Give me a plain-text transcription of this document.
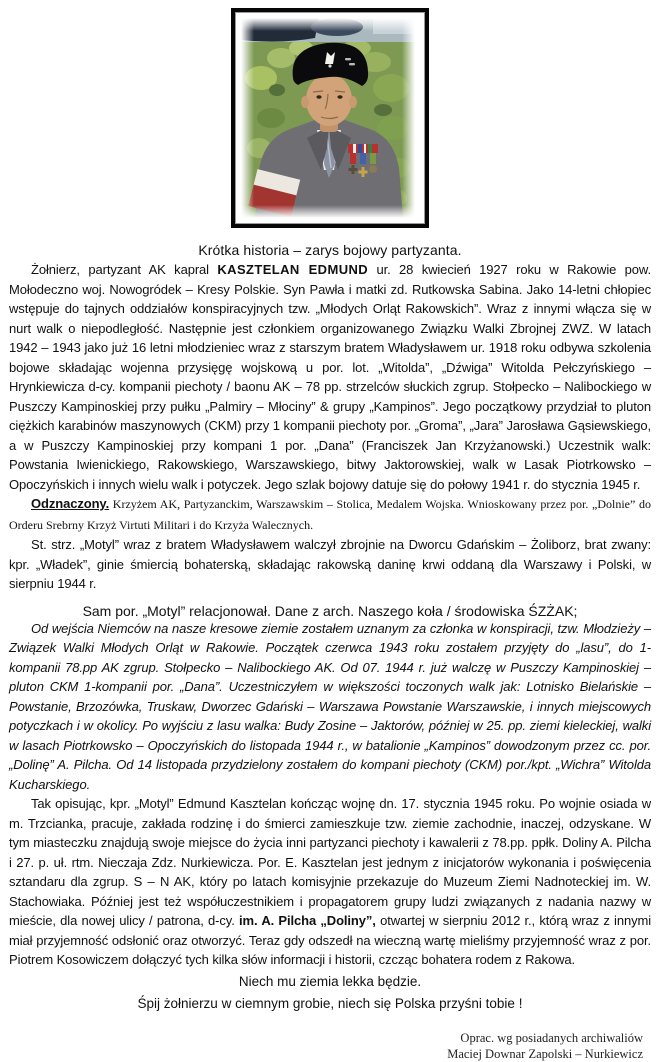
Krótka historia – zarys bojowy partyzanta.

Żołnierz, partyzant AK kapral KASZTELAN EDMUND ur. 28 kwiecień 1927 roku w Rakowie pow. Mołodeczno woj. Nowogródek – Kresy Polskie. Syn Pawła i matki zd. Rutkowska Sabina. Jako 14-letni chłopiec wstępuje do tajnych oddziałów konspiracyjnych tzw. „Młodych Orląt Rakowskich”. Wraz z innymi włącza się w nurt walk o niepodległość. Następnie jest członkiem organizowanego Związku Walki Zbrojnej ZWZ. W latach 1942 – 1943 jako już 16 letni młodzieniec wraz z starszym bratem Władysławem ur. 1918 roku odbywa szkolenia bojowe składając wojenna przysięgę wojskową u por. lot. „Witolda”, „Dźwiga” Witolda Pełczyńskiego – Hrynkiewicza d-cy. kompanii piechoty / baonu AK – 78 pp. strzelców słuckich zgrup. Stołpecko – Nalibockiego w Puszczy Kampinoskiej przy pułku „Palmiry – Młociny” & grupy „Kampinos”. Jego początkowy przydział to pluton ciężkich karabinów maszynowych (CKM) przy 1 kompanii piechoty por. „Groma”, „Jara” Jarosława Gąsiewskiego, a w Puszczy Kampinoskiej przy kompani 1 por. „Dana” (Franciszek Jan Krzyżanowski.) Uczestnik walk: Powstania Iwienickiego, Rakowskiego, Warszawskiego, bitwy Jaktorowskiej, walk w Lasak Piotrkowsko – Opoczyńskich i innych wielu walk i potyczek. Jego szlak bojowy datuje się do połowy 1941 r. do stycznia 1945 r.

Odznaczony. Krzyżem AK, Partyzanckim, Warszawskim – Stolica, Medalem Wojska. Wnioskowany przez por. „Dolnie” do Orderu Srebrny Krzyż Virtuti Militari i do Krzyża Walecznych.

St. strz. „Motyl” wraz z bratem Władysławem walczył zbrojnie na Dworcu Gdańskim – Żoliborz, brat zwany: kpr. „Władek”, ginie śmiercią bohaterską, składając rakowską daninę krwi oddaną dla Warszawy i Polski, w sierpniu 1944 r.

Sam por. „Motyl” relacjonował. Dane z arch. Naszego koła / środowiska ŚZŻAK;

Od wejścia Niemców na nasze kresowe ziemie zostałem uznanym za członka w konspiracji, tzw. Młodzieży – Związek Walki Młodych Orląt w Rakowie. Początek czerwca 1943 roku zostałem przyjęty do „lasu”, do 1-kompanii 78.pp AK zgrup. Stołpecko – Nalibockiego AK. Od 07. 1944 r. już walczę w Puszczy Kampinoskiej – pluton CKM 1-kompanii por. „Dana”. Uczestniczyłem w większości toczonych walk jak: Lotnisko Bielańskie – Powstanie, Brzozówka, Truskaw, Dworzec Gdański – Warszawa Powstanie Warszawskie, i innych miejscowych potyczkach i w okolicy. Po wyjściu z lasu walka: Budy Zosine – Jaktorów, później w 25. pp. ziemi kieleckiej, walki w lasach Piotrkowsko – Opoczyńskich do listopada 1944 r., w batalionie „Kampinos” dowodzonym przez cc. por. „Dolinę” A. Pilcha. Od 14 listopada przydzielony zostałem do kompani piechoty (CKM) por./kpt. „Wichra” Witolda Kucharskiego.

Tak opisując, kpr. „Motyl” Edmund Kasztelan kończąc wojnę dn. 17. stycznia 1945 roku. Po wojnie osiada w m. Trzcianka, pracuje, zakłada rodzinę i do śmierci zamieszkuje tzw. ziemie zachodnie, inaczej, odzyskane. W tym miasteczku znajdują swoje miejsce do życia inni partyzanci piechoty i kawalerii z 78.pp. ppłk. Doliny A. Pilcha i 27. p. uł. rtm. Nieczaja Zdz. Nurkiewicza. Por. E. Kasztelan jest jednym z inicjatorów wykonania i poświęcenia sztandaru dla zgrup. S – N AK, który po latach komisyjnie przekazuje do Muzeum Ziemi Nadnoteckiej im. W. Stachowiaka. Później jest też współuczestnikiem i propagatorem grupy ludzi związanych z nadania nazwy w mieście, dla nowej ulicy / patrona, d-cy. im. A. Pilcha „Doliny”, otwartej w sierpniu 2012 r., którą wraz z innymi miał przyjemność odsłonić oraz otworzyć. Teraz gdy odszedł na wieczną wartę mieliśmy przyjemność wraz z por. Piotrem Kosowiczem dołączyć tych kilka słów informacji i historii, czcząc bohatera rodem z Rakowa.

Niech mu ziemia lekka będzie.
Śpij żołnierzu w ciemnym grobie, niech się Polska przyśni tobie !
Oprac. wg posiadanych archiwaliów
Maciej Downar Zapolski – Nurkiewicz
